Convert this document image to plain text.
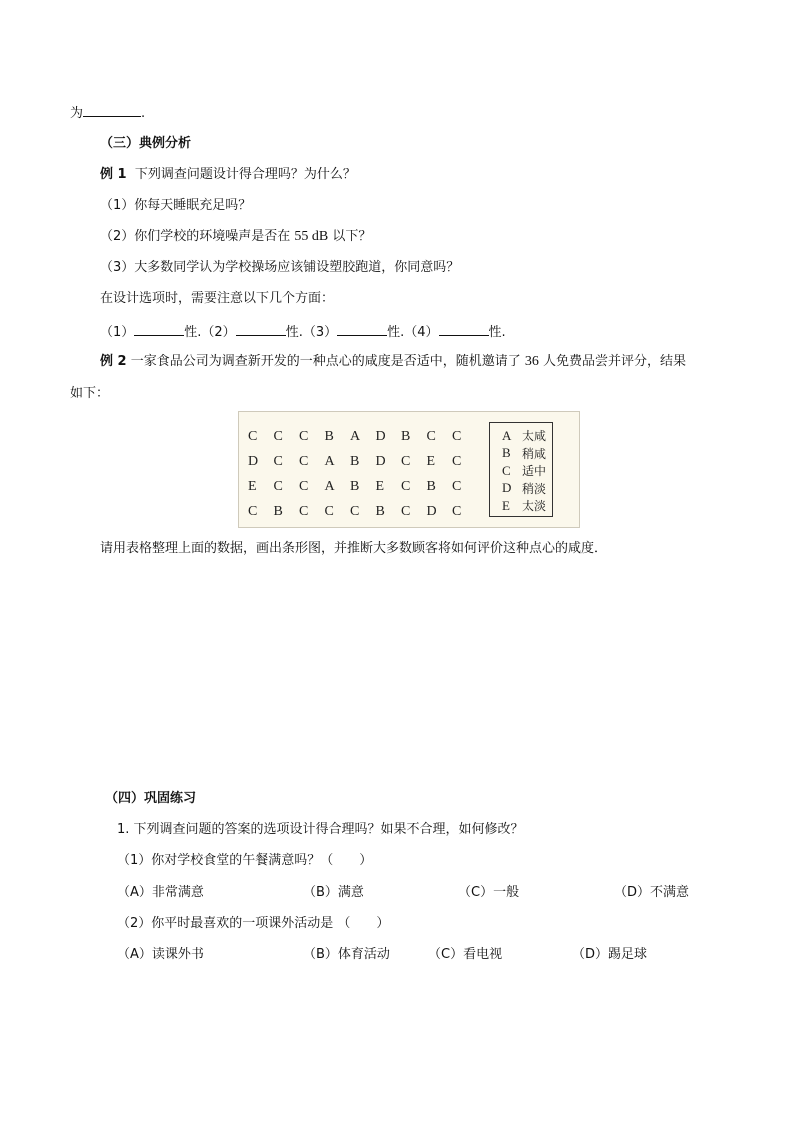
为	.
（三）典例分析
例 1 下列调查问题设计得合理吗？为什么？
（1）你每天睡眠充足吗？
（2）你们学校的环境噪声是否在 55 dB 以下？
（3）大多数同学认为学校操场应该铺设塑胶跑道，你同意吗？
在设计选项时，需要注意以下几个方面：
（1）	性.（2）	性.（3）	性.（4）	性.
例 2 一家食品公司为调查新开发的一种点心的咸度是否适中，随机邀请了 36 人免费品尝并评分，结果
如下：
C	C	C	B	A	D	B	C	C
D	C	C	A	B	D	C	E	C
E	C	C	A	B	E	C	B	C
C	B	C	C	C	B	C	D	C
A 太咸
B 稍咸
C 适中
D 稍淡
E	太淡
请用表格整理上面的数据，画出条形图，并推断大多数顾客将如何评价这种点心的咸度．
（四）巩固练习
1. 下列调查问题的答案的选项设计得合理吗？如果不合理，如何修改？
（1）你对学校食堂的午餐满意吗？（　　）
（A）非常满意	（B）满意	（C）一般	（D）不满意
（2）你平时最喜欢的一项课外活动是 （　　）
（A）读课外书	（B）体育活动	（C）看电视	（D）踢足球
